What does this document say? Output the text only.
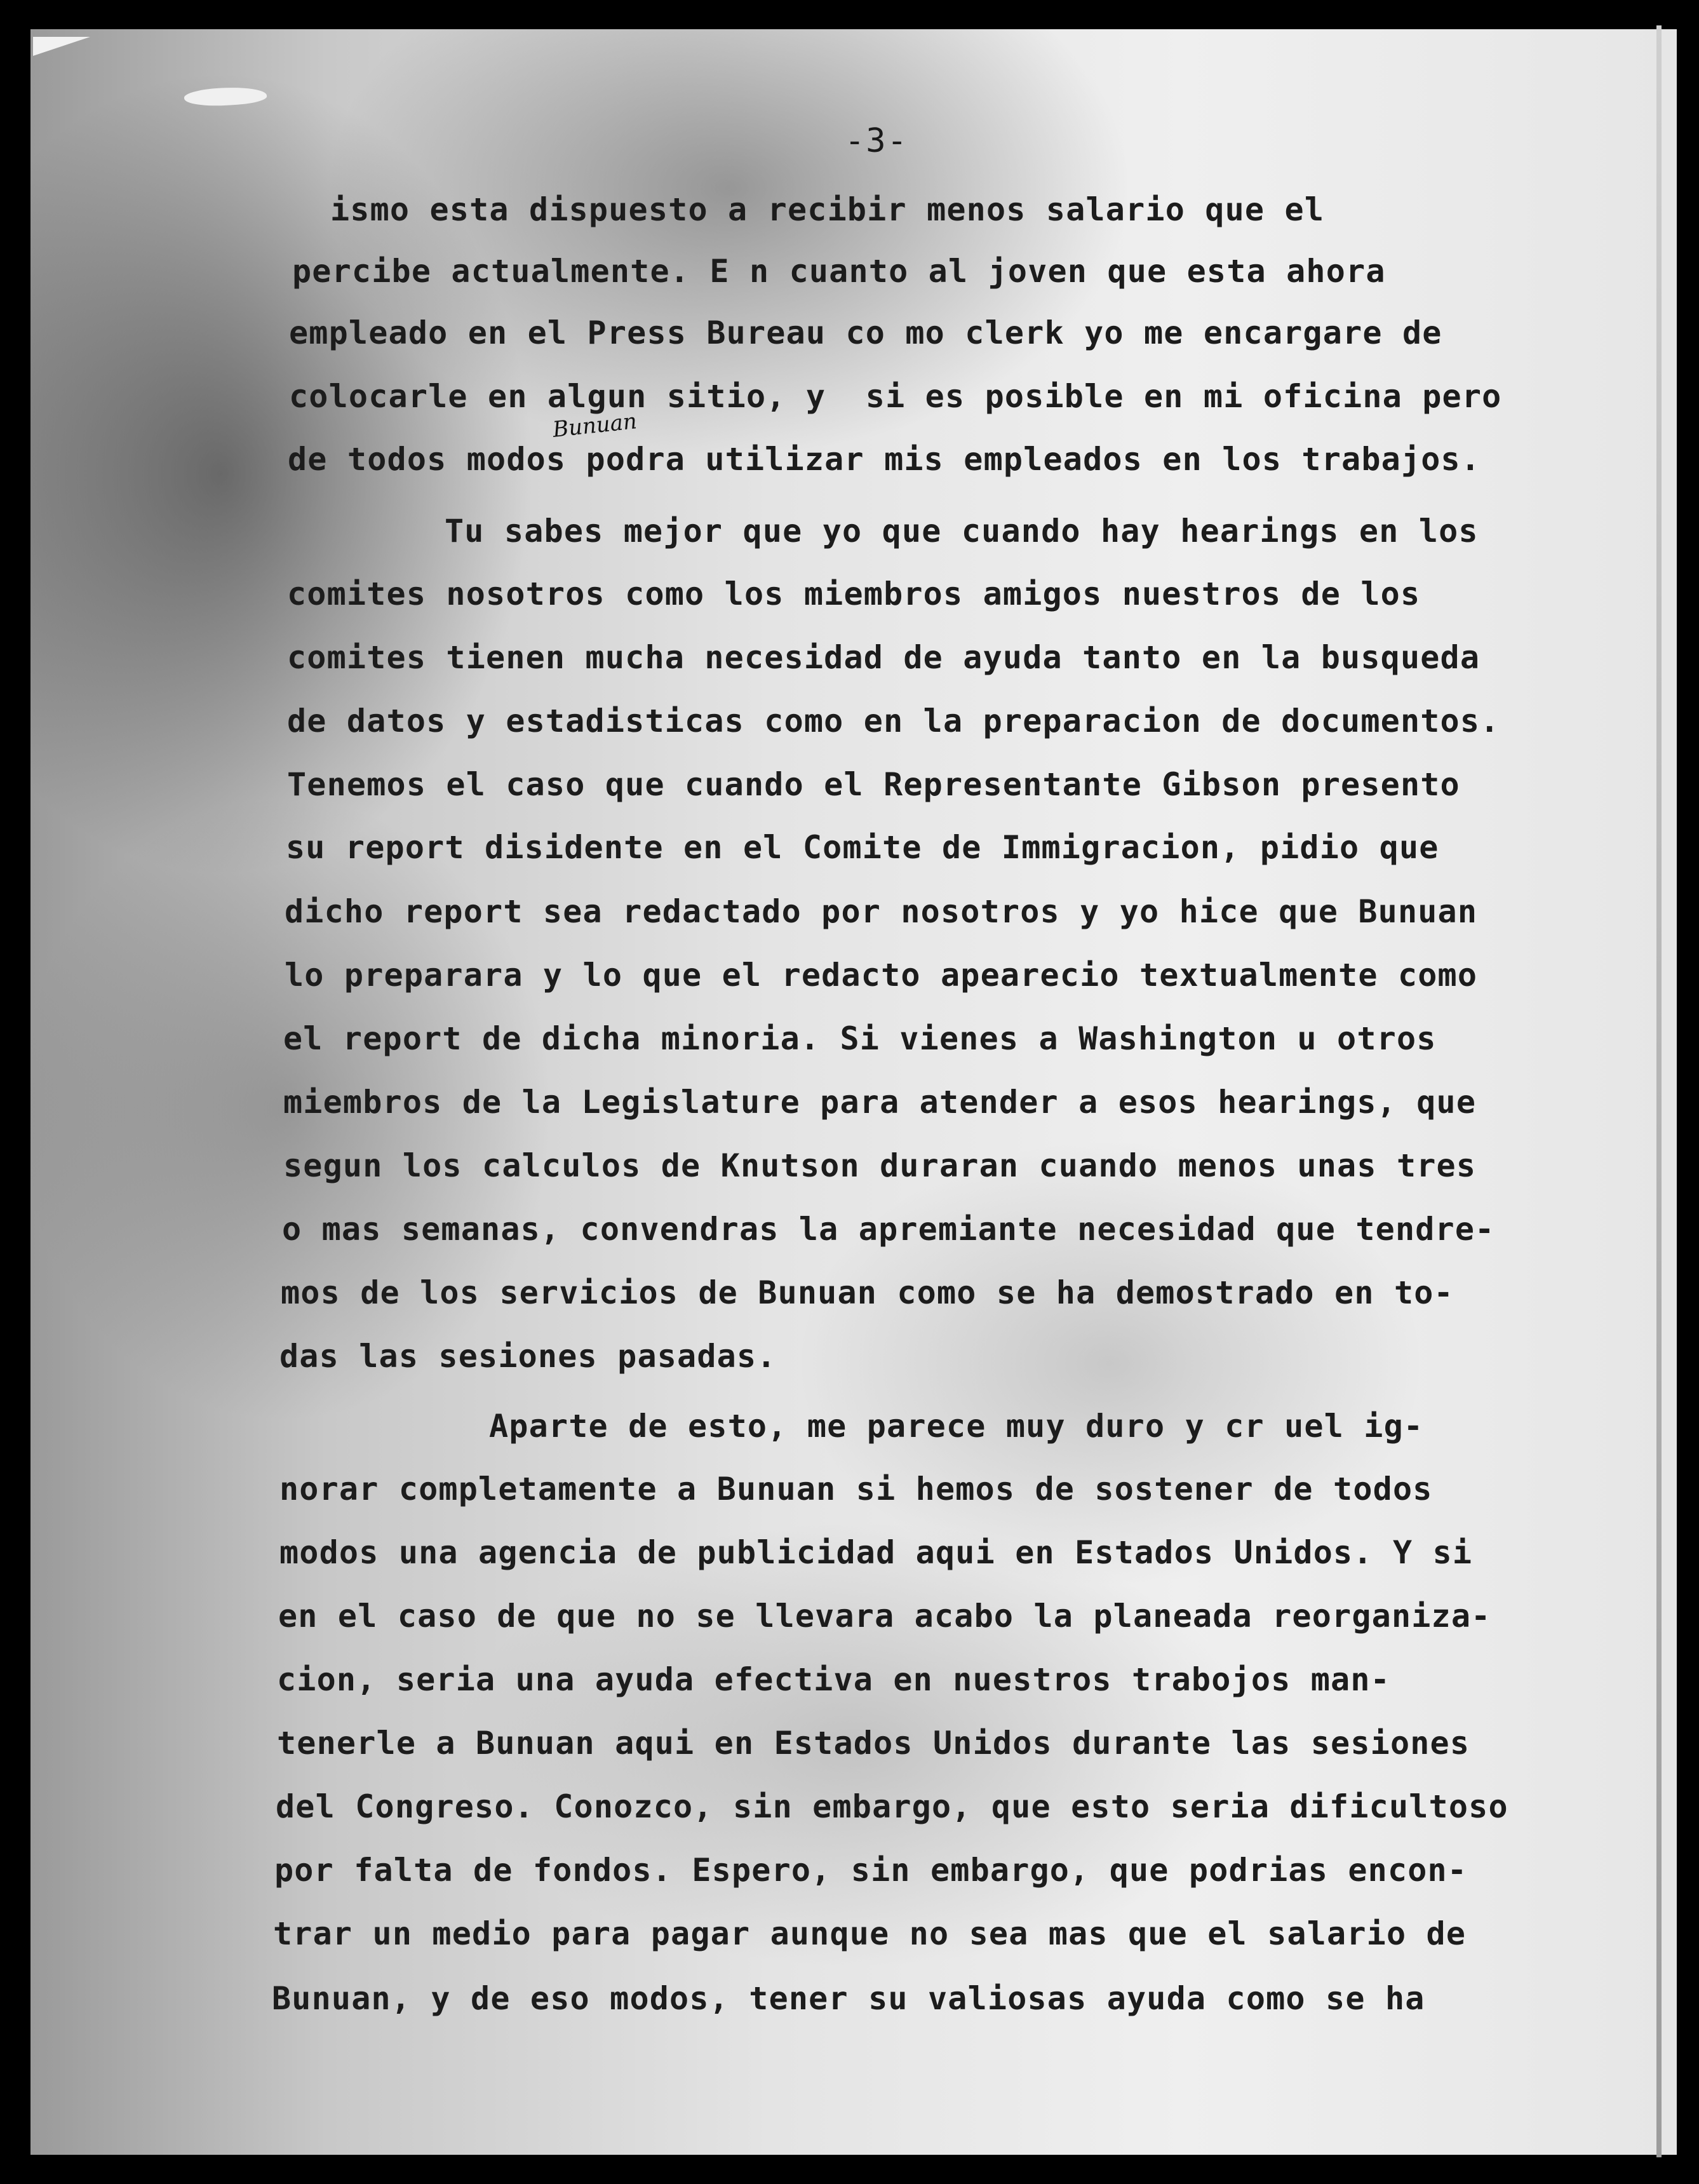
-3-
Bunuan
ismo esta dispuesto a recibir menos salario que el
percibe actualmente. E n cuanto al joven que esta ahora
empleado en el Press Bureau co mo clerk yo me encargare de
colocarle en algun sitio, y  si es posible en mi oficina pero
de todos modos podra utilizar mis empleados en los trabajos.
Tu sabes mejor que yo que cuando hay hearings en los
comites nosotros como los miembros amigos nuestros de los
comites tienen mucha necesidad de ayuda tanto en la busqueda
de datos y estadisticas como en la preparacion de documentos.
Tenemos el caso que cuando el Representante Gibson presento
su report disidente en el Comite de Immigracion, pidio que
dicho report sea redactado por nosotros y yo hice que Bunuan
lo preparara y lo que el redacto apearecio textualmente como
el report de dicha minoria. Si vienes a Washington u otros
miembros de la Legislature para atender a esos hearings, que
segun los calculos de Knutson duraran cuando menos unas tres
o mas semanas, convendras la apremiante necesidad que tendre-
mos de los servicios de Bunuan como se ha demostrado en to-
das las sesiones pasadas.
Aparte de esto, me parece muy duro y cr uel ig-
norar completamente a Bunuan si hemos de sostener de todos
modos una agencia de publicidad aqui en Estados Unidos. Y si
en el caso de que no se llevara acabo la planeada reorganiza-
cion, seria una ayuda efectiva en nuestros trabojos man-
tenerle a Bunuan aqui en Estados Unidos durante las sesiones
del Congreso. Conozco, sin embargo, que esto seria dificultoso
por falta de fondos. Espero, sin embargo, que podrias encon-
trar un medio para pagar aunque no sea mas que el salario de
Bunuan, y de eso modos, tener su valiosas ayuda como se ha
